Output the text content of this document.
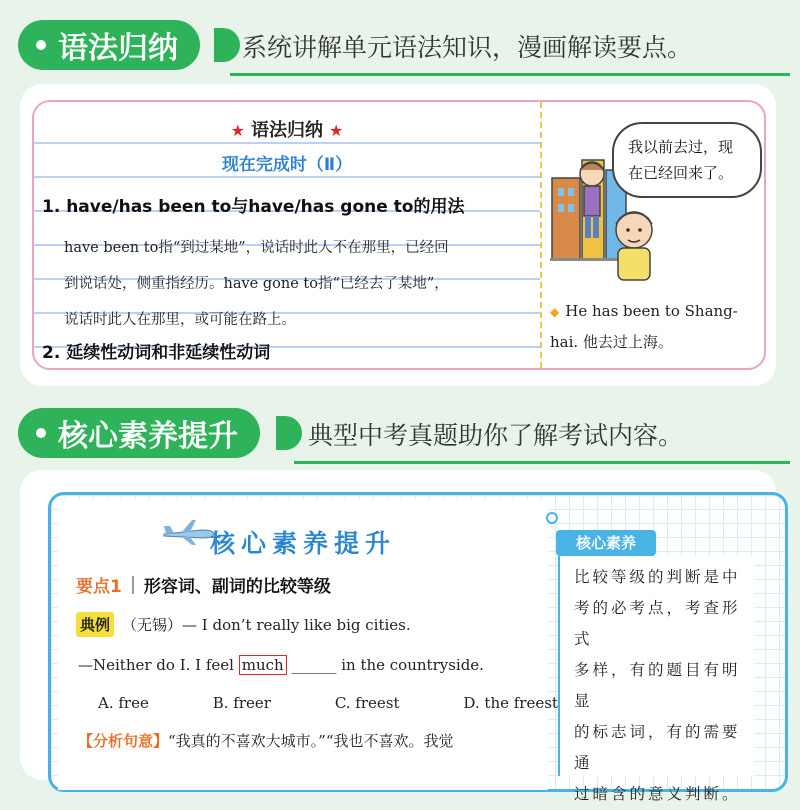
语法归纳	系统讲解单元语法知识，漫画解读要点。
★ 语法归纳 ★
现在完成时（Ⅱ）
1. have/has been to与have/has gone to的用法
have been to指“到过某地”，说话时此人不在那里，已经回
到说话处，侧重指经历。have gone to指“已经去了某地”，
说话时此人在那里，或可能在路上。
2. 延续性动词和非延续性动词
我以前去过，现
在已经回来了。
◆ He has been to Shang-hai. 他去过上海。
核心素养提升	典型中考真题助你了解考试内容。
核心素养提升
要点1 形容词、副词的比较等级
典例 （无锡） — I don’t really like big cities.
—Neither do I. I feel much ______ in the countryside.
A. free	B. freer	C. freest	D. the freest
【分析句意】“我真的不喜欢大城市。”“我也不喜欢。我觉
核心素养
比较等级的判断是中
考的必考点，考查形式
多样，有的题目有明显
的标志词，有的需要通
过暗含的意义判断。
